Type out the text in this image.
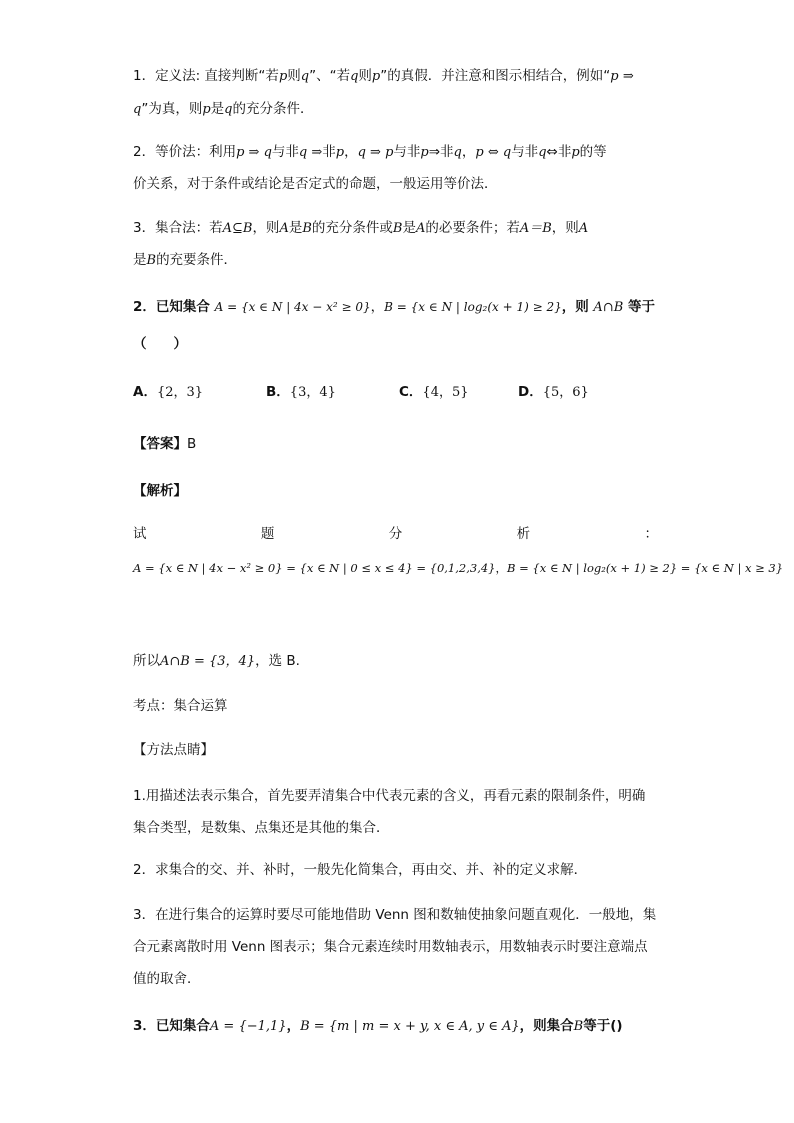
1．定义法: 直接判断“若p则q”、“若q则p”的真假．并注意和图示相结合，例如“p ⇒
q”为真，则p是q的充分条件．
2．等价法：利用p ⇒ q与非q ⇒非p，q ⇒ p与非p⇒非q，p ⇔ q与非q⇔非p的等
价关系，对于条件或结论是否定式的命题，一般运用等价法．
3．集合法：若A⊆B，则A是B的充分条件或B是A的必要条件；若A＝B，则A
是B的充要条件．
2．已知集合 A = {x ∈ N | 4x − x² ≥ 0}，B = {x ∈ N | log₂(x + 1) ≥ 2}，则 A∩B 等于
（　　）
A．{2，3}	B．{3，4}	C．{4，5}	D．{5，6}
【答案】B
【解析】
试	题	分	析	：
A = {x ∈ N | 4x − x² ≥ 0} = {x ∈ N | 0 ≤ x ≤ 4} = {0,1,2,3,4}，B = {x ∈ N | log₂(x + 1) ≥ 2} = {x ∈ N | x ≥ 3}
所以A∩B = {3，4}，选 B.
考点：集合运算
【方法点睛】
1.用描述法表示集合，首先要弄清集合中代表元素的含义，再看元素的限制条件，明确
集合类型，是数集、点集还是其他的集合．
2．求集合的交、并、补时，一般先化简集合，再由交、并、补的定义求解．
3．在进行集合的运算时要尽可能地借助 Venn 图和数轴使抽象问题直观化．一般地，集
合元素离散时用 Venn 图表示；集合元素连续时用数轴表示，用数轴表示时要注意端点
值的取舍．
3．已知集合A = {−1,1}，B = {m | m = x + y, x ∈ A, y ∈ A}，则集合B等于()
